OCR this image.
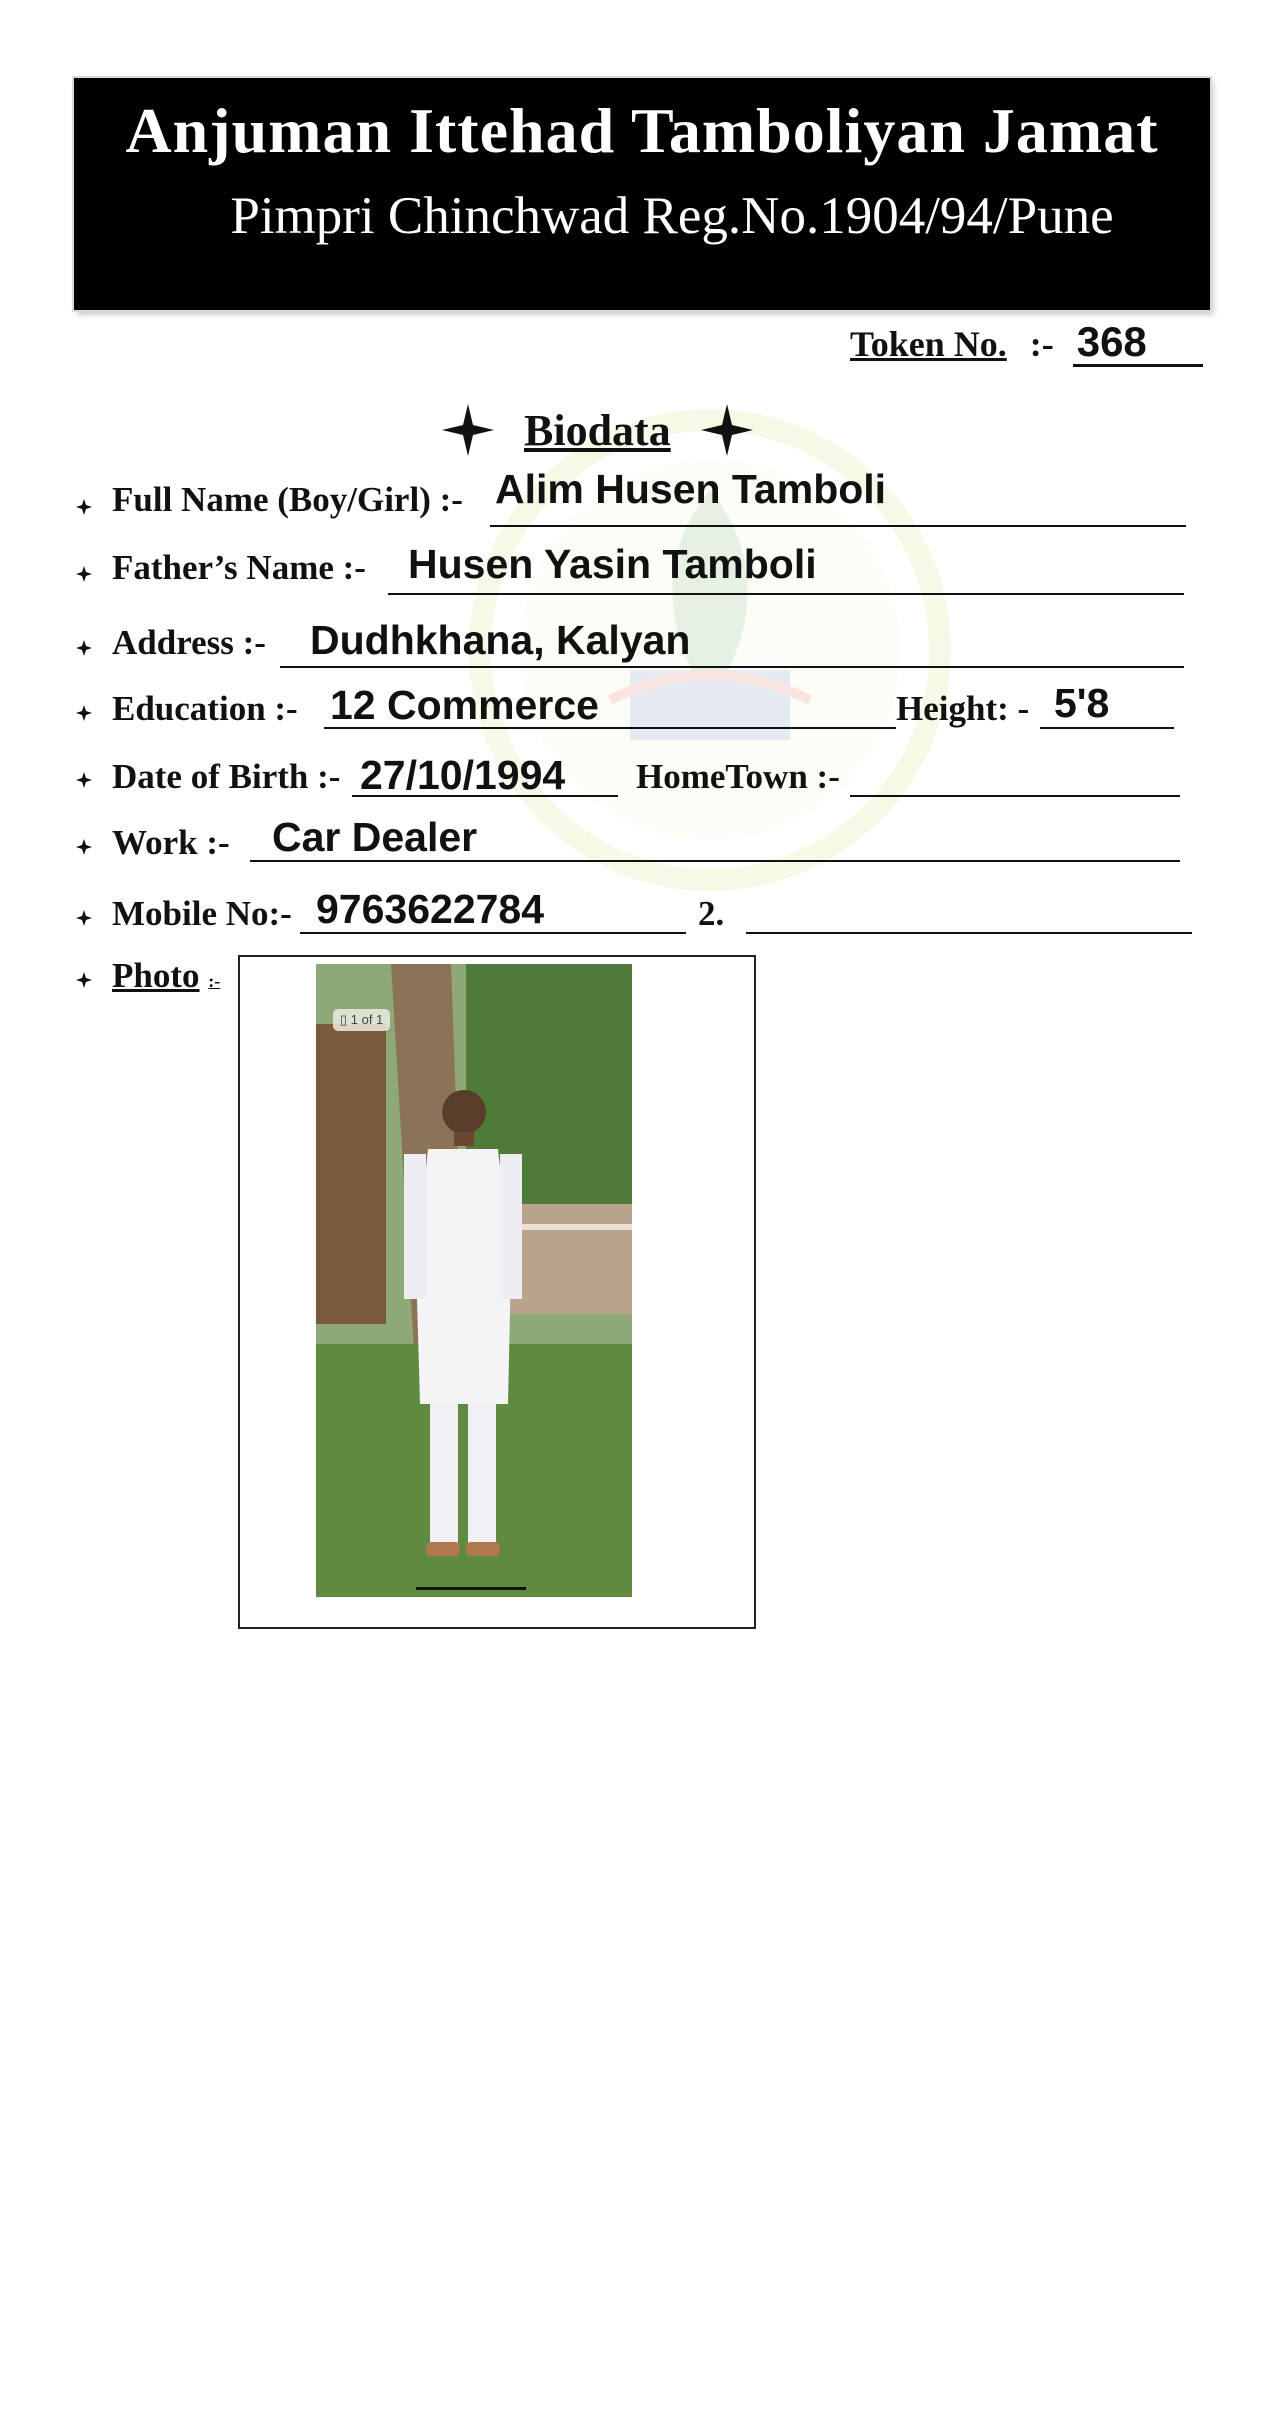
Anjuman Ittehad Tamboliyan Jamat
Pimpri Chinchwad Reg.No.1904/94/Pune
Token No. :- 368
Biodata
Full Name (Boy/Girl) :- Alim Husen Tamboli
Father’s Name :- Husen Yasin Tamboli
Address :- Dudhkhana, Kalyan
Education :- 12 Commerce	Height: - 5'8
Date of Birth :- 27/10/1994 HomeTown :-
Work :- Car Dealer
Mobile No:- 9763622784	2.
Photo :-
▯ 1 of 1
